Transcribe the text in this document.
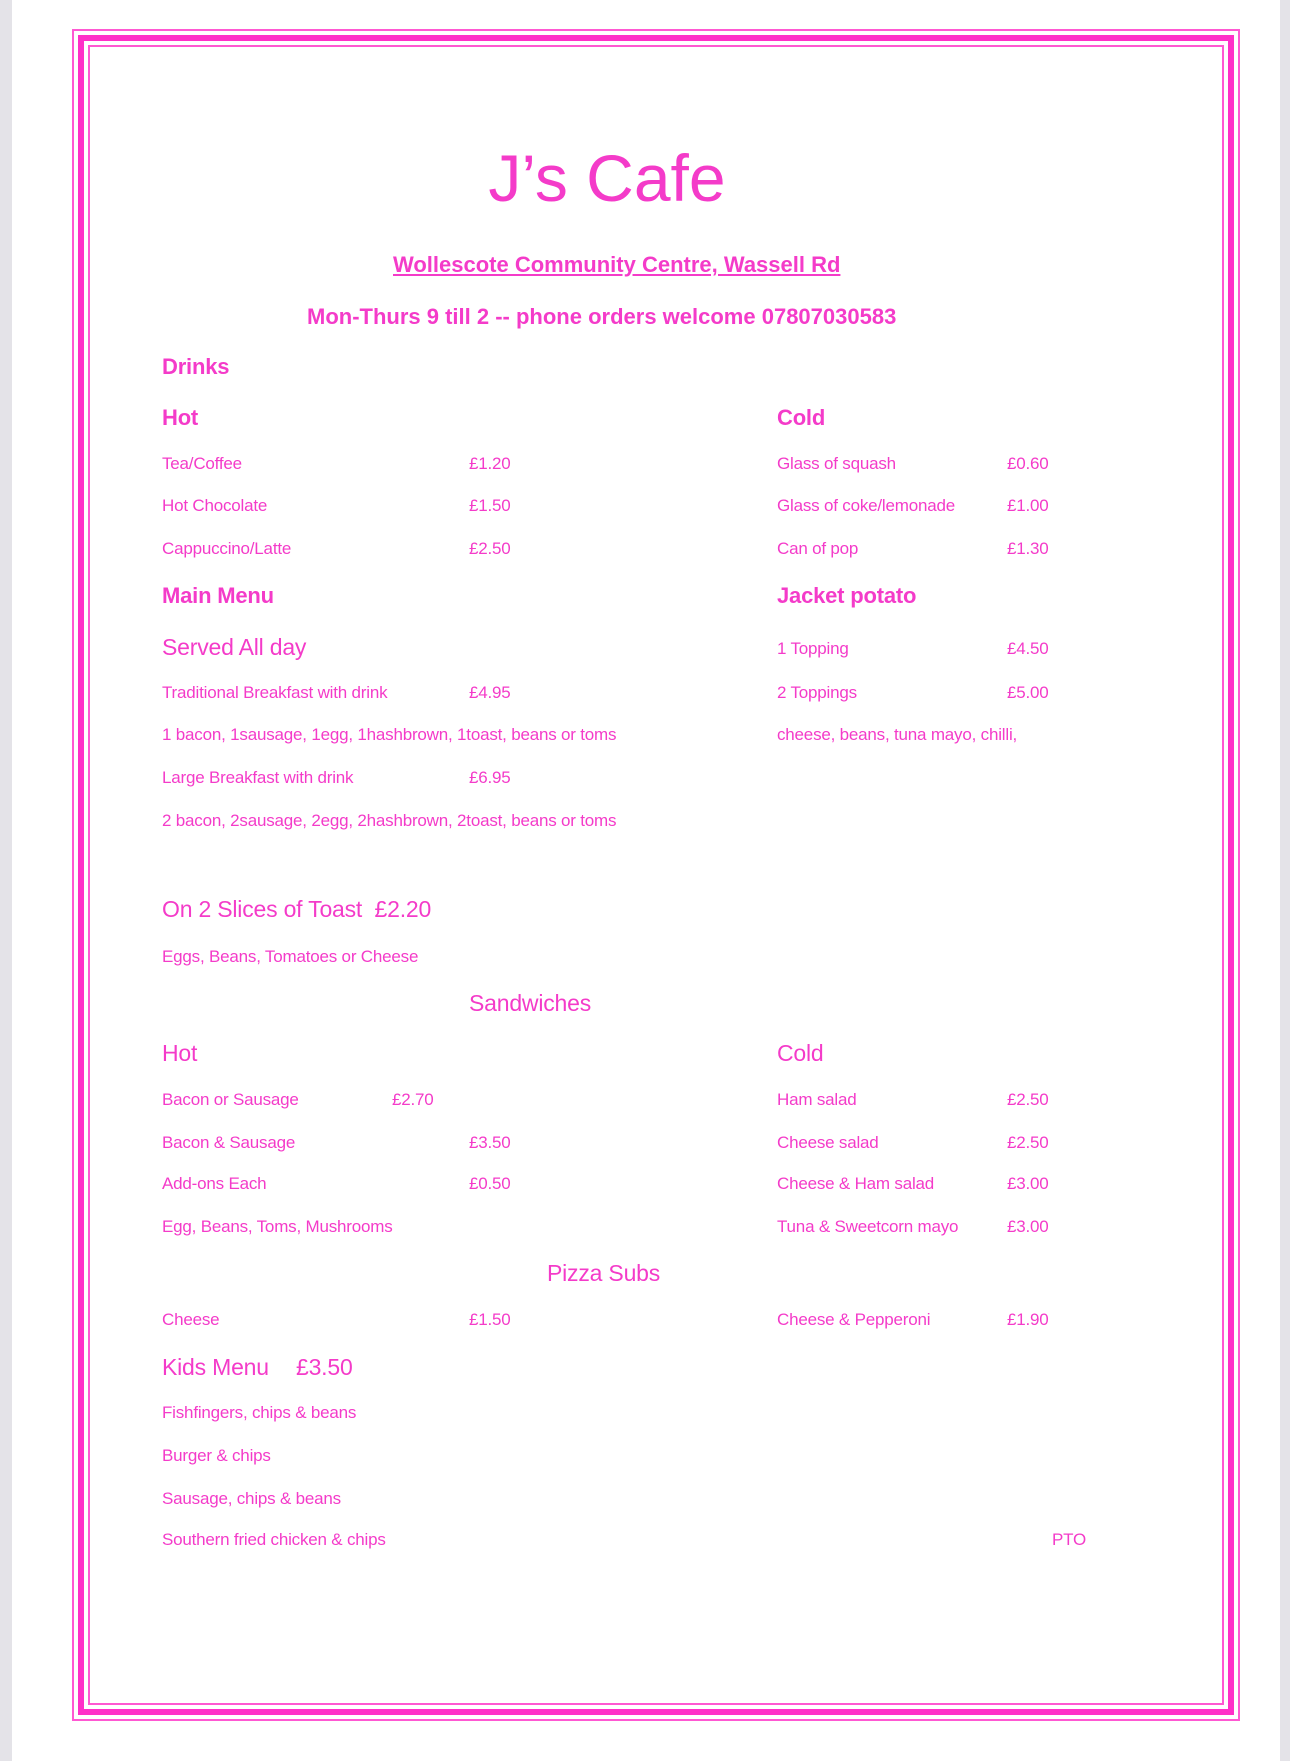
J’s Cafe
Wollescote Community Centre, Wassell Rd
Mon-Thurs 9 till 2 -- phone orders welcome 07807030583
Drinks
Hot	Cold
Tea/Coffee	£1.20
Hot Chocolate	£1.50
Cappuccino/Latte	£2.50
Glass of squash	£0.60
Glass of coke/lemonade	£1.00
Can of pop	£1.30
Main Menu	Jacket potato
Served All day	1 Topping	£4.50
2 Toppings	£5.00
cheese, beans, tuna mayo, chilli,
Traditional Breakfast with drink	£4.95
1 bacon, 1sausage, 1egg, 1hashbrown, 1toast, beans or toms
Large Breakfast with drink	£6.95
2 bacon, 2sausage, 2egg, 2hashbrown, 2toast, beans or toms
On 2 Slices of Toast  £2.20
Eggs, Beans, Tomatoes or Cheese
Sandwiches
Hot	Cold
Bacon or Sausage	£2.70
Bacon & Sausage	£3.50
Add-ons Each	£0.50
Egg, Beans, Toms, Mushrooms
Ham salad	£2.50
Cheese salad	£2.50
Cheese & Ham salad	£3.00
Tuna & Sweetcorn mayo	£3.00
Pizza Subs
Cheese	£1.50	Cheese & Pepperoni	£1.90
Kids Menu £3.50
Fishfingers, chips & beans
Burger & chips
Sausage, chips & beans
Southern fried chicken & chips	PTO
